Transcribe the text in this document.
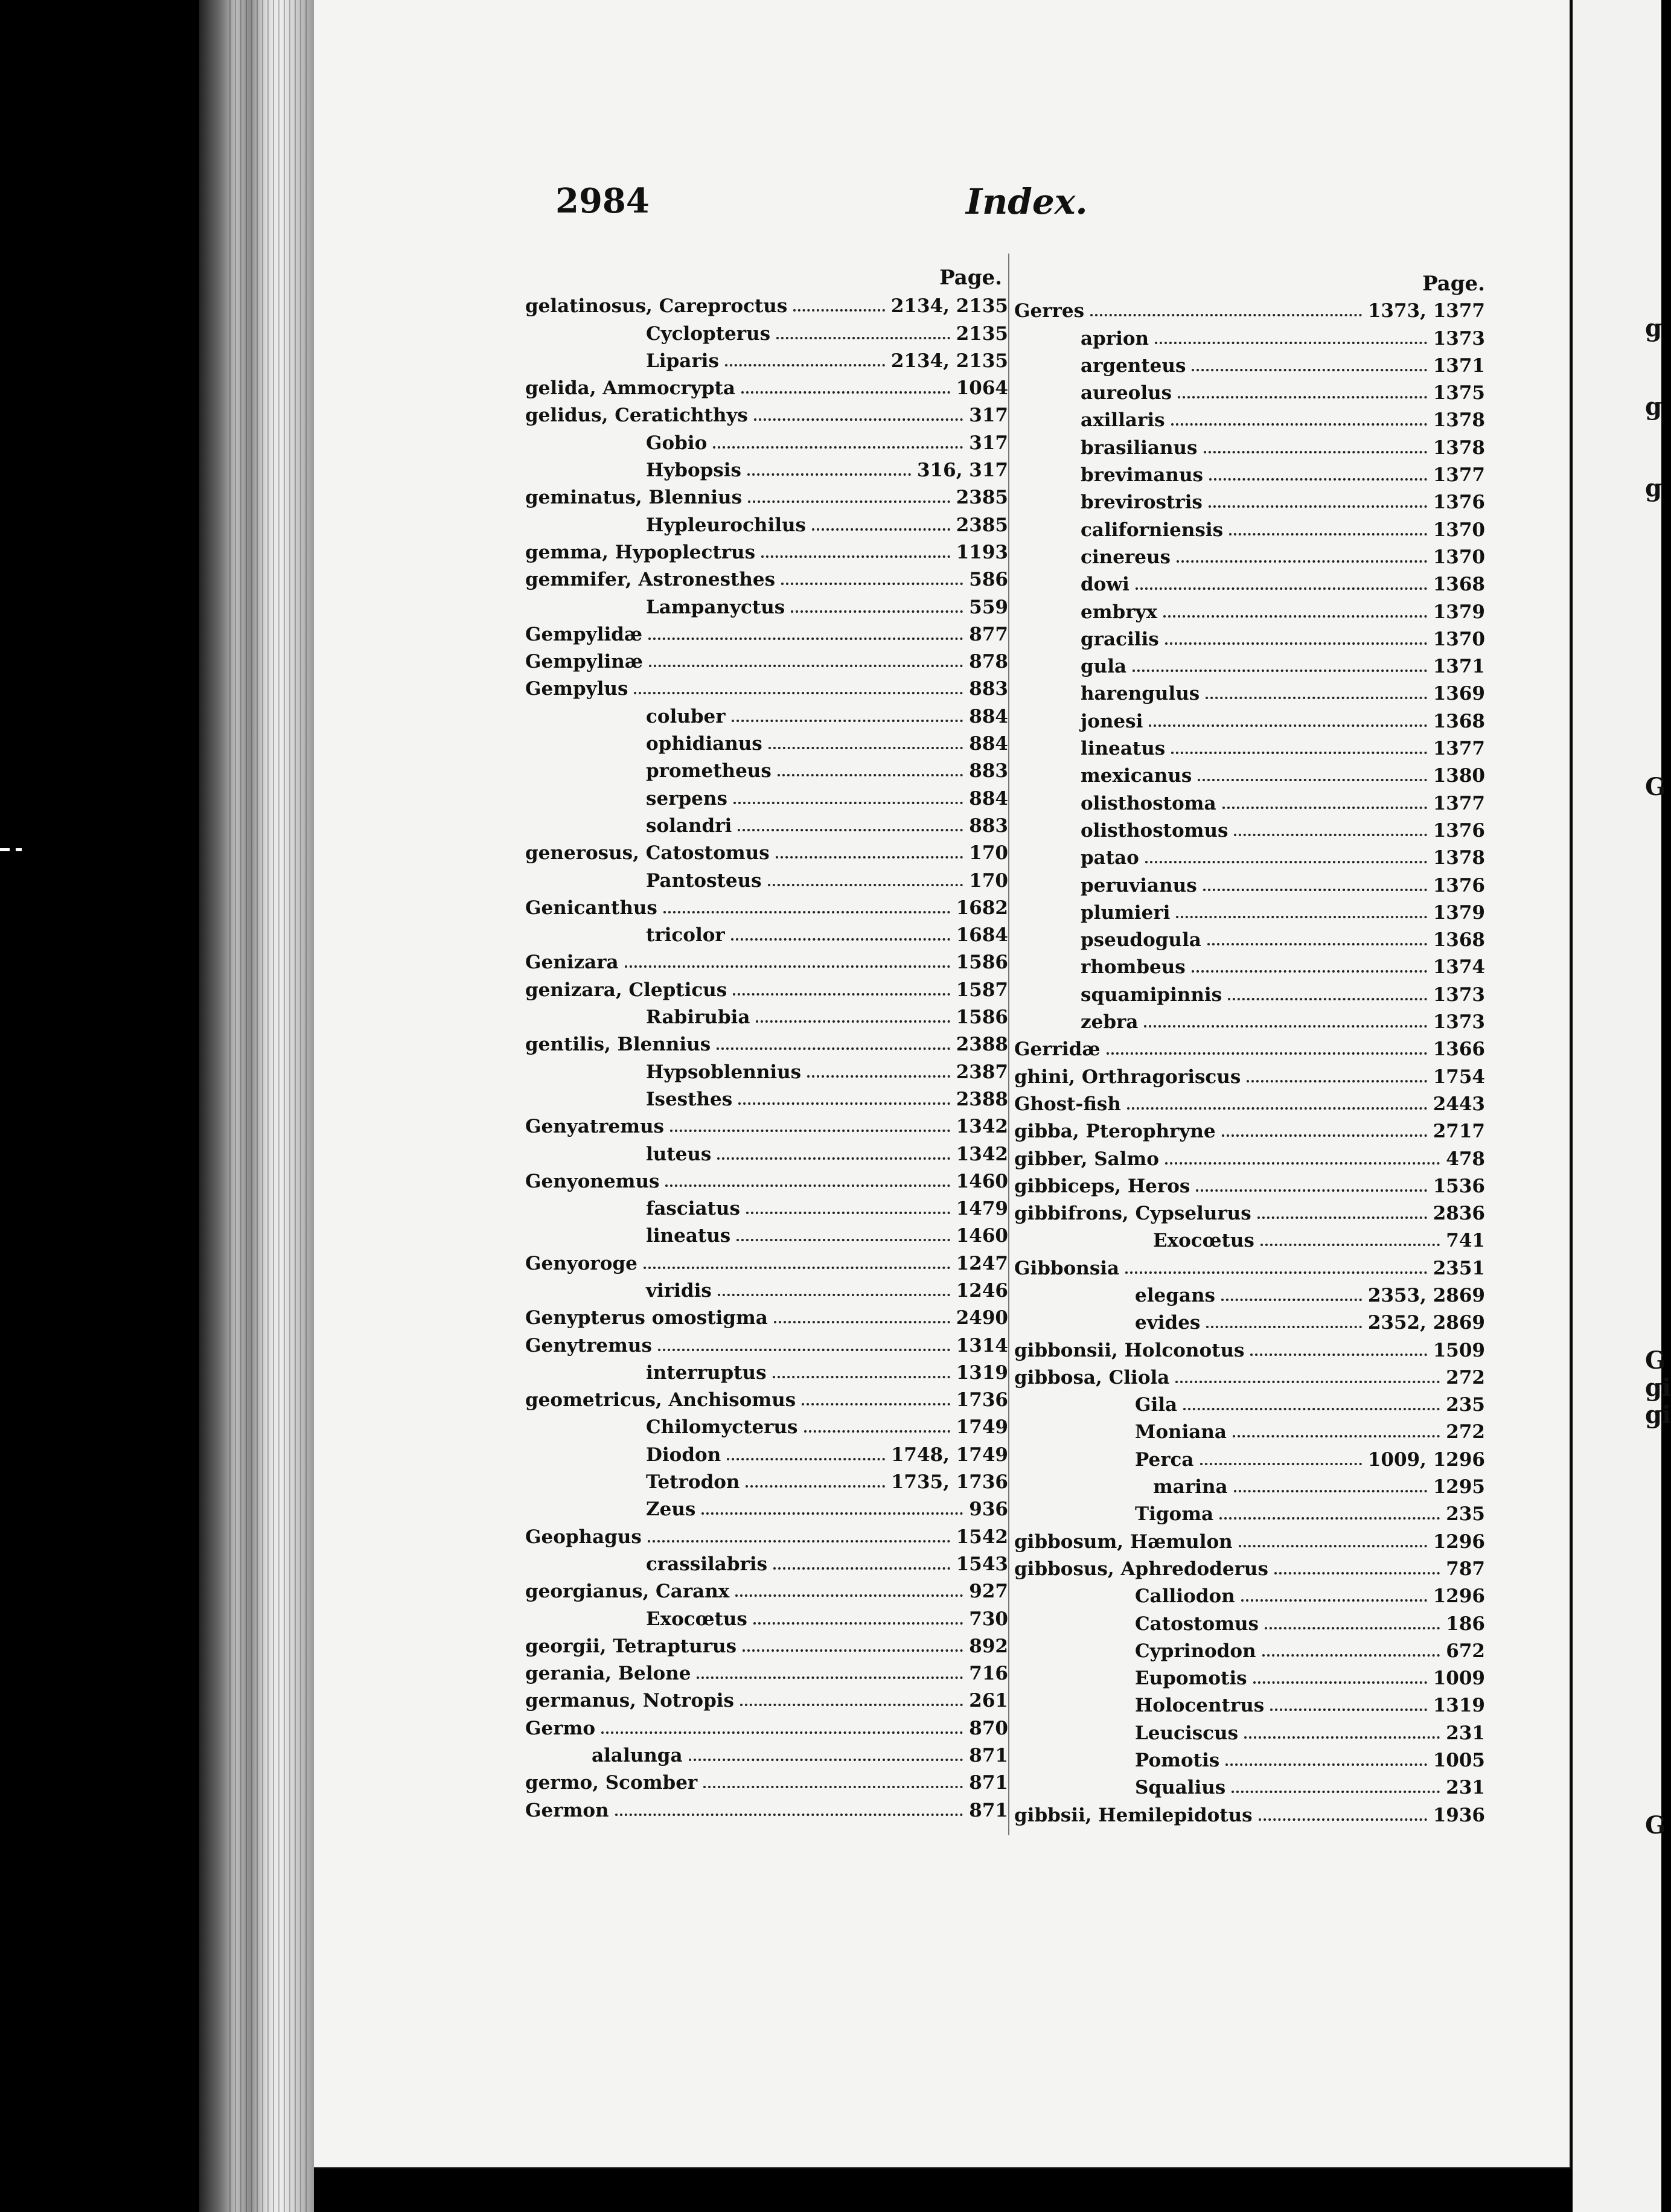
g
g
g
G
G
gi
gi
G
2984	Index.
Page.
gelatinosus, Careproctus	2134, 2135
Cyclopterus	2135
Liparis	2134, 2135
gelida, Ammocrypta	1064
gelidus, Ceratichthys	317
Gobio	317
Hybopsis	316, 317
geminatus, Blennius	2385
Hypleurochilus	2385
gemma, Hypoplectrus	1193
gemmifer, Astronesthes	586
Lampanyctus	559
Gempylidæ	877
Gempylinæ	878
Gempylus	883
coluber	884
ophidianus	884
prometheus	883
serpens	884
solandri	883
generosus, Catostomus	170
Pantosteus	170
Genicanthus	1682
tricolor	1684
Genizara	1586
genizara, Clepticus	1587
Rabirubia	1586
gentilis, Blennius	2388
Hypsoblennius	2387
Isesthes	2388
Genyatremus	1342
luteus	1342
Genyonemus	1460
fasciatus	1479
lineatus	1460
Genyoroge	1247
viridis	1246
Genypterus omostigma	2490
Genytremus	1314
interruptus	1319
geometricus, Anchisomus	1736
Chilomycterus	1749
Diodon	1748, 1749
Tetrodon	1735, 1736
Zeus	936
Geophagus	1542
crassilabris	1543
georgianus, Caranx	927
Exocœtus	730
georgii, Tetrapturus	892
gerania, Belone	716
germanus, Notropis	261
Germo	870
alalunga	871
germo, Scomber	871
Germon	871
Page.
Gerres	1373, 1377
aprion	1373
argenteus	1371
aureolus	1375
axillaris	1378
brasilianus	1378
brevimanus	1377
brevirostris	1376
californiensis	1370
cinereus	1370
dowi	1368
embryx	1379
gracilis	1370
gula	1371
harengulus	1369
jonesi	1368
lineatus	1377
mexicanus	1380
olisthostoma	1377
olisthostomus	1376
patao	1378
peruvianus	1376
plumieri	1379
pseudogula	1368
rhombeus	1374
squamipinnis	1373
zebra	1373
Gerridæ	1366
ghini, Orthragoriscus	1754
Ghost-fish	2443
gibba, Pterophryne	2717
gibber, Salmo	478
gibbiceps, Heros	1536
gibbifrons, Cypselurus	2836
Exocœtus	741
Gibbonsia	2351
elegans	2353, 2869
evides	2352, 2869
gibbonsii, Holconotus	1509
gibbosa, Cliola	272
Gila	235
Moniana	272
Perca	1009, 1296
marina	1295
Tigoma	235
gibbosum, Hæmulon	1296
gibbosus, Aphredoderus	787
Calliodon	1296
Catostomus	186
Cyprinodon	672
Eupomotis	1009
Holocentrus	1319
Leuciscus	231
Pomotis	1005
Squalius	231
gibbsii, Hemilepidotus	1936
